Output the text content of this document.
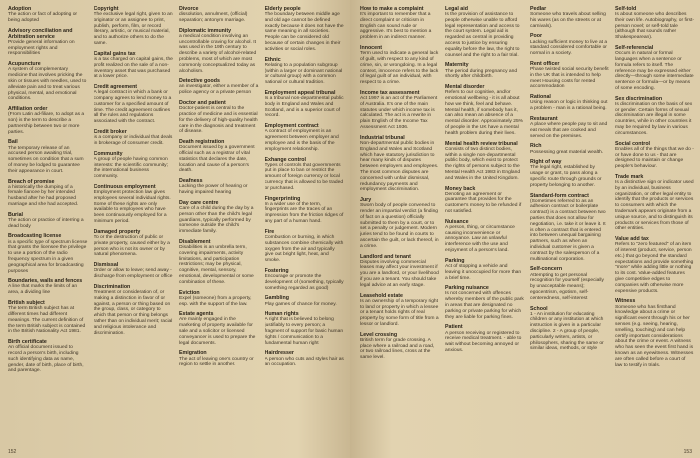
Adoption
The action or fact of adopting or being adopted
Advisory conciliation and Arbitration service
Provide general information on employment rights and responsibilities
Acupuncture
A system of complementary medicine that involves pricking the skin or tissues with needles, used to alleviate pain and to treat various physical, mental, and emotional conditions.
Affiliation order
(From Latin ad-filiare, to adopt as a son) is the term to describe a partnership between two or more parties.
Bail
The temporary release of an accused person awaiting trial, sometimes on condition that a sum of money be lodged to guarantee their appearance in court.
Breach of promise
a historically the dumping of a female fiancee by her intended husband after he had proposed marriage and she had accepted.
Burial
The action or practice of interring a dead body
Broadcasting license
is a specific type of spectrum license that grants the licensee the privilege to use a portion of the radio frequency spectrum in a given geographical area for broadcasting purposes
Boundaries, walls and fences
A line that marks the limits of an area, a dividing line
British subject
The term British subject has at different times had different meanings. The current definition of the term British subject is contained in the British Nationality Act 1981.
Birth certificate
An official document issued to record a person's birth, including such identifying data as name, gender, date of birth, place of birth, and parentage.
Copyright
The exclusive legal right, given to an originator or an assignee to print, publish, perform, film, or record literary, artistic, or musical material, and to authorize others to do the same.
Capital gains tax
is a tax charged on capital gains, the profit realized on the sale of a non-inventory asset that was purchased at a lower price.
Credit agreement
A legal contract in which a bank or company agrees to lend money to a customer for a specified amount of time. The credit agreement outlines all the rules and regulations associated with the contract.
Credit broker
is a company or individual that deals in brokerage of consumer credit.
Community
A group of people having common interests: the scientific community; the international business community.
Continuous employment
Employment protection law gives employees several individual rights. Some of these rights are only available to employees who have been continuously employed for a minimum period.
Damaged property
To or the destruction of public or private property, caused either by a person who is not its owner or by natural phenomena.
Dismissal
Order or allow to leave; send away - discharge from employment or office
Discrimination
Treatment or consideration of, or making a distinction in favor of or against, a person or thing based on the group, class, or category to which that person or thing belongs rather than on individual merit; racial and religious intolerance and discrimination.
Divorce
dissolution, annulment, (official) separation; antonym marriage.
Diplomatic immunity
a medical condition involving an uncontrollable craving for alcohol. It was used in the 19th century to describe a variety of alcohol-related problems, most of which are most commonly conceptualized today as alcoholism.
Detective goods
an investigator, either a member of a police agency or a private person
Doctor and patient
Doctor-patient is central to the practice of medicine and is essential for the delivery of high-quality health care in the diagnosis and treatment of disease.
Death registration
Document issued by a government official such as a registrar of vital statistics that declares the date, location and cause of a person's death.
Deafness
Lacking the power of hearing or having impaired hearing
Day care centre
Care of a child during the day by a person other than the child's legal guardians, typically performed by someone outside the child's immediate family.
Disablement
Disabilities is an umbrella term, covering impairments, activity limitations, and participation restrictions; may be physical, cognitive, mental, sensory, emotional, developmental or some combination of these.
Eviction
Expel (someone) from a property, esp. with the support of the law.
Estate agents
Are mainly engaged in the marketing of property available for sale and a solicitor or licensed conveyancer is used to prepare the legal documents.
Emigration
The act of leaving one's country or region to settle in another.
Elderly people
The boundary between middle age and old age cannot be defined exactly because it does not have the same meaning in all societies. People can be considered old because of certain changes in their activities or social roles.
Ethnic
Relating to a population subgroup (within a larger or dominant national or cultural group) with a common national or cultural tradition.
Employment appeal tribunal
Is a tribunal non-departmental public body in England and Wales and Scotland, and is a superior court of record.
Employment contract
A contract of employment is an agreement between employer and employee and is the basis of the employment relationship.
Exhange control
Types of controls that governments put in place to ban or restrict the amount of foreign currency or local currency that is allowed to be traded or purchased.
Fingerprinting
In a wider use of the term, fingerprints are the traces of an impression from the friction ridges of any part of a human hand.
Fire
Combustion or burning, in which substances combine chemically with oxygen from the air and typically give out bright light, heat, and smoke.
Fostering
Encourage or promote the development of (something, typically something regarded as good)
Gambling
Play games of chance for money.
Human rights
A right that is believed to belong justifiably to every person; a fragment of support for basic human rights / communication to a fundamental human right
Hairdresser
A person who cuts and styles hair as an occupation.
152
How to make a complaint
It's important to remember that a direct complaint or criticism in English can sound rude or aggressive. It's best to mention a problem in an indirect manner.
Innocent
Term used to indicate a general lack of guilt, with respect to any kind of crime, sin, or wrongdoing. In a legal context, innocence refers to the lack of legal guilt of an individual, with respect to a crime.
Income tax assessment
Act 1997 is an act of the Parliament of Australia. It's one of the main statutes under which income tax is calculated. The act is a rewrite in plain English of the Income Tax Assessment Act 1936.
Industrial tribunal
Non-departmental public bodies in England and Wales and Scotland which have statutory jurisdiction to hear many kinds of disputes between employers and employees. The most common disputes are concerned with unfair dismissal, redundancy payments and employment discrimination.
Jury
Sworn body of people convened to render an impartial verdict (a finding of fact on a question) officially submitted to them by a court, or to set a penalty or judgement. Modern juries tend to be found in courts to ascertain the guilt, or lack thereof, in a crime.
Landlord and tenant
Disputes involving commercial leases may affect your investment if you are a landlord, or your livelihood if you are a tenant. You should take legal advice at an early stage.
Leasehold estate
Is an ownership of a temporary right to land or property in which a lessee or a tenant holds rights of real property by some form of title from a lessor or landlord.
Level crossing
British term for grade crossing. A place where a railroad and a road, or two railroad lines, cross at the same level.
Legal aid
Is the provision of assistance to people otherwise unable to afford legal representation and access to the court system. Legal aid is regarded as central in providing access to justice by ensuring equality before the law, the right to counsel and the right to a fair trial.
Maternity
The period during pregnancy and shortly after childbirth.
Mental disorder
Refers to our cognitive, and/or emotional wellbeing - it is all about how we think, feel and behave. Mental health, if somebody has it, can also mean an absence of a mental disorder. Approximately 25% of people in the UK have a mental health problem during their lives.
Mental health review tribunal
Consists of two distinct bodies, within a single non-departmental public body, which exist to protect the rights of persons subject to the Mental Health Act 1983 in England and Wales in the United Kingdom.
Money back
Denoting an agreement or guarantee that provides for the customer's money to be refunded if not satisfied.
Nuisance
A person, thing, or circumstance causing inconvenience or annoyance. Law an unlawful interference with the use and enjoyment of a person's land.
Parking
Act of stopping a vehicle and leaving it unoccupied for more than a brief time.
Parking nuisance
Is not concerned with offences whereby members of the public park in areas that are designated no parking or private parking for which they are liable for parking fines.
Patient
A person receiving or registered to receive medical treatment. - able to wait without becoming annoyed or anxious.
Pedlar
Someone who travels about selling his wares (as on the streets or at carnivals).
Poor
Lacking sufficient money to live at a standard considered comfortable or normal in a society.
Rent officer
Phase twisted social security benefit in the UK that is intended to help meet Housing costs for rented accommodation
Rational
Using reason or logic in thinking out a problem - man is a rational being.
Restaurant
A place where people pay to sit and eat meals that are cooked and served on the premises.
Rich
Possessing great material wealth.
Right of way
The legal right, established by usage or grant, to pass along a specific route through grounds or property belonging to another.
Standard-form contract
(Sometimes referred to as an adhesion contract or boilerplate contract) is a contract between two parties that does not allow for negotiation, i.e. take it or leave it. It is often a contract that is entered into between unequal bargaining partners, such as when an individual customer is given a contract by the salesperson of a multinational corporation.
Self-concern
Attempting to get personal recognition for yourself (especially by unacceptable means); egocentrism, egotism, self-centeredness, self-interest
School
1 - An institution for educating children or any institution at which instruction is given in a particular discipline. 2 - A group of people, particularly writers, artists, or philosophers, sharing the same or similar ideas, methods, or style
Self-told
Is about someone who describes their own life. Autobiography, or first-person novel; or self-told tale (although that sounds rather Shakespearean).
Self-referencial
Occurs in natural or formal languages when a sentence or formula refers to itself. The reference may be expressed either directly—through some intermediate sentence or formula—or by means of some encoding.
Sex discrimination
Is discrimination on the basis of sex or gender. Certain forms of sexual discrimination are illegal in some countries, while in other countries it may be required by law in various circumstances.
Social control
Enables all of the things that we do - or have done to us - that are designed to maintain or change people's behaviour.
Trade mark
Is a distinctive sign or indicator used by an individual, business organization, or other legal entity to identify that the products or services to consumers with which the trademark appears originate from a unique source, and to distinguish its products or services from those of other entities.
Value add tax
Refers to "zero featured" of an item of interest (product, service, person etc.) that go beyond the standard expectations and provide something "more" while adding little or nothing to its cost. Value-added features give competitive edges to companies with otherwise more expensive products.
Witness
Someone who has firsthand knowledge about a crime or significant event through his or her senses (e.g. seeing, hearing, smelling, touching) and can help certify important considerations about the crime or event. A witness who has seen the event first hand is known as an eyewitness. Witnesses are often called before a court of law to testify in trials.
153
